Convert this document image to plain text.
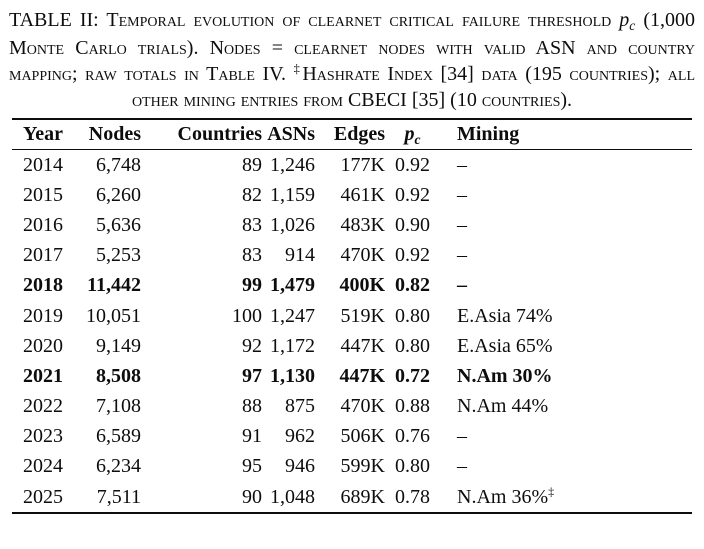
TABLE II: Temporal evolution of clearnet critical failure threshold $p_c$ (1,000 Monte Carlo trials). Nodes = clearnet nodes with valid ASN and country mapping; raw totals in Table IV. ‡Hashrate Index [34] data (195 countries); all other mining entries from CBECI [35] (10 countries).
Year	Nodes	Countries	ASNs	Edges	$p_c$	Mining
2014	6,748	89	1,246	177K	0.92	–
2015	6,260	82	1,159	461K	0.92	–
2016	5,636	83	1,026	483K	0.90	–
2017	5,253	83	914	470K	0.92	–
2018	11,442	99	1,479	400K	0.82	–
2019	10,051	100	1,247	519K	0.80	E.Asia 74%
2020	9,149	92	1,172	447K	0.80	E.Asia 65%
2021	8,508	97	1,130	447K	0.72	N.Am 30%
2022	7,108	88	875	470K	0.88	N.Am 44%
2023	6,589	91	962	506K	0.76	–
2024	6,234	95	946	599K	0.80	–
2025	7,511	90	1,048	689K	0.78	N.Am 36%‡
